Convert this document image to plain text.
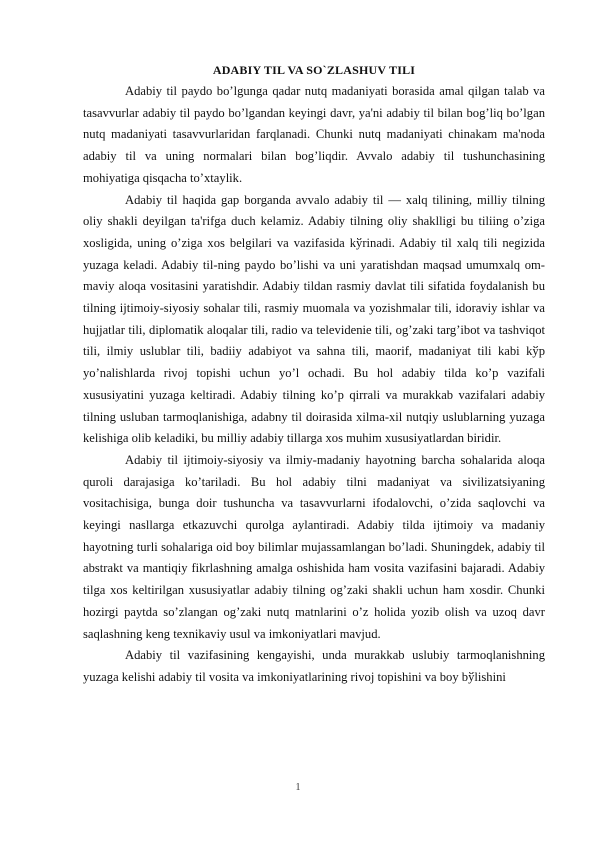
ADABIY TIL VA SO`ZLASHUV TILI

Adabiy til paydo bo’lgunga qadar nutq madaniyati borasida amal qilgan talab va tasavvurlar adabiy til paydo bo’lgandan keyingi davr, ya'ni adabiy til bilan bog’liq bo’lgan nutq madaniyati tasavvurlaridan farqlanadi. Chunki nutq madaniyati chinakam ma'noda adabiy til va uning normalari bilan bog’liqdir. Avvalo adabiy til tushunchasining mohiyatiga qisqacha to’xtaylik.

Adabiy til haqida gap borganda avvalo adabiy til — xalq tilining, milliy tilning oliy shakli deyilgan ta'rifga duch kelamiz. Adabiy tilning oliy shaklligi bu tiliing o’ziga xosligida, uning o’ziga xos belgilari va vazifasida kўrinadi. Adabiy til xalq tili negizida yuzaga keladi. Adabiy til-ning paydo bo’lishi va uni yaratishdan maqsad umumxalq om-maviy aloqa vositasini yaratishdir. Adabiy tildan rasmiy davlat tili sifatida foydalanish bu tilning ijtimoiy-siyosiy sohalar tili, rasmiy muomala va yozishmalar tili, idoraviy ishlar va hujjatlar tili, diplomatik aloqalar tili, radio va televidenie tili, og’zaki targ’ibot va tashviqot tili, ilmiy uslublar tili, badiiy adabiyot va sahna tili, maorif, madaniyat tili kabi kўp yo’nalishlarda rivoj topishi uchun yo’l ochadi. Bu hol adabiy tilda ko’p vazifali xususiyatini yuzaga keltiradi. Adabiy tilning ko’p qirrali va murakkab vazifalari adabiy tilning usluban tarmoqlanishiga, adabny til doirasida xilma-xil nutqiy uslublarning yuzaga kelishiga olib keladiki, bu milliy adabiy tillarga xos muhim xususiyatlardan biridir.

Adabiy til ijtimoiy-siyosiy va ilmiy-madaniy hayotning barcha sohalarida aloqa quroli darajasiga ko’tariladi. Bu hol adabiy tilni madaniyat va sivilizatsiyaning vositachisiga, bunga doir tushuncha va tasavvurlarni ifodalovchi, o’zida saqlovchi va keyingi nasllarga etkazuvchi qurolga aylantiradi. Adabiy tilda ijtimoiy va madaniy hayotning turli sohalariga oid boy bilimlar mujassamlangan bo’ladi. Shuningdek, adabiy til abstrakt va mantiqiy fikrlashning amalga oshishida ham vosita vazifasini bajaradi. Adabiy tilga xos keltirilgan xususiyatlar adabiy tilning og’zaki shakli uchun ham xosdir. Chunki hozirgi paytda so’zlangan og’zaki nutq matnlarini o’z holida yozib olish va uzoq davr saqlashning keng texnikaviy usul va imkoniyatlari mavjud.

Adabiy til vazifasining kengayishi, unda murakkab uslubiy tarmoqlanishning yuzaga kelishi adabiy til vosita va imkoniyatlarining rivoj topishini va boy bўlishini

1
